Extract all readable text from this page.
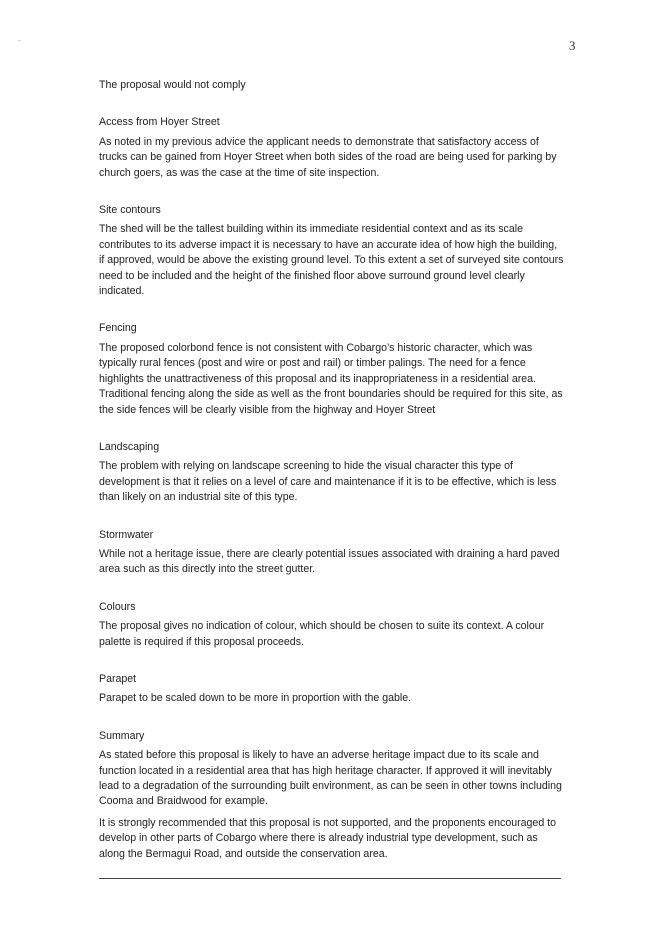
3

The proposal would not comply

Access from Hoyer Street

As noted in my previous advice the applicant needs to demonstrate that satisfactory access of trucks can be gained from Hoyer Street when both sides of the road are being used for parking by church goers, as was the case at the time of site inspection.

Site contours

The shed will be the tallest building within its immediate residential context and as its scale contributes to its adverse impact it is necessary to have an accurate idea of how high the building, if approved, would be above the existing ground level. To this extent a set of surveyed site contours need to be included and the height of the finished floor above surround ground level clearly indicated.

Fencing

The proposed colorbond fence is not consistent with Cobargo’s historic character, which was typically rural fences (post and wire or post and rail) or timber palings. The need for a fence highlights the unattractiveness of this proposal and its inappropriateness in a residential area. Traditional fencing along the side as well as the front boundaries should be required for this site, as the side fences will be clearly visible from the highway and Hoyer Street

Landscaping

The problem with relying on landscape screening to hide the visual character this type of development is that it relies on a level of care and maintenance if it is to be effective, which is less than likely on an industrial site of this type.

Stormwater

While not a heritage issue, there are clearly potential issues associated with draining a hard paved area such as this directly into the street gutter.

Colours

The proposal gives no indication of colour, which should be chosen to suite its context. A colour palette is required if this proposal proceeds.

Parapet

Parapet to be scaled down to be more in proportion with the gable.

Summary

As stated before this proposal is likely to have an adverse heritage impact due to its scale and function located in a residential area that has high heritage character. If approved it will inevitably lead to a degradation of the surrounding built environment, as can be seen in other towns including Cooma and Braidwood for example.

It is strongly recommended that this proposal is not supported, and the proponents encouraged to develop in other parts of Cobargo where there is already industrial type development, such as along the Bermagui Road, and outside the conservation area.
